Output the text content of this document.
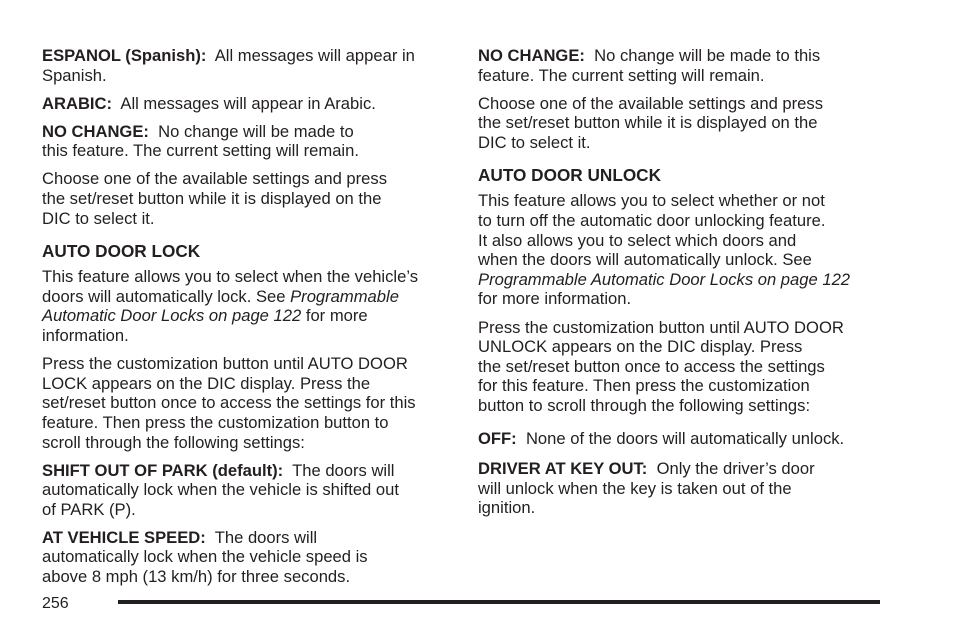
ESPANOL (Spanish): All messages will appear in Spanish.

ARABIC: All messages will appear in Arabic.

NO CHANGE: No change will be made to
this feature. The current setting will remain.

Choose one of the available settings and press
the set/reset button while it is displayed on the
DIC to select it.

AUTO DOOR LOCK

This feature allows you to select when the vehicle’s
doors will automatically lock. See Programmable
Automatic Door Locks on page 122 for more
information.

Press the customization button until AUTO DOOR
LOCK appears on the DIC display. Press the
set/reset button once to access the settings for this
feature. Then press the customization button to
scroll through the following settings:

SHIFT OUT OF PARK (default): The doors will
automatically lock when the vehicle is shifted out
of PARK (P).

AT VEHICLE SPEED: The doors will
automatically lock when the vehicle speed is
above 8 mph (13 km/h) for three seconds.

NO CHANGE: No change will be made to this
feature. The current setting will remain.

Choose one of the available settings and press
the set/reset button while it is displayed on the
DIC to select it.

AUTO DOOR UNLOCK

This feature allows you to select whether or not
to turn off the automatic door unlocking feature.
It also allows you to select which doors and
when the doors will automatically unlock. See
Programmable Automatic Door Locks on page 122
for more information.

Press the customization button until AUTO DOOR
UNLOCK appears on the DIC display. Press
the set/reset button once to access the settings
for this feature. Then press the customization
button to scroll through the following settings:

OFF: None of the doors will automatically unlock.

DRIVER AT KEY OUT: Only the driver’s door
will unlock when the key is taken out of the
ignition.

256
